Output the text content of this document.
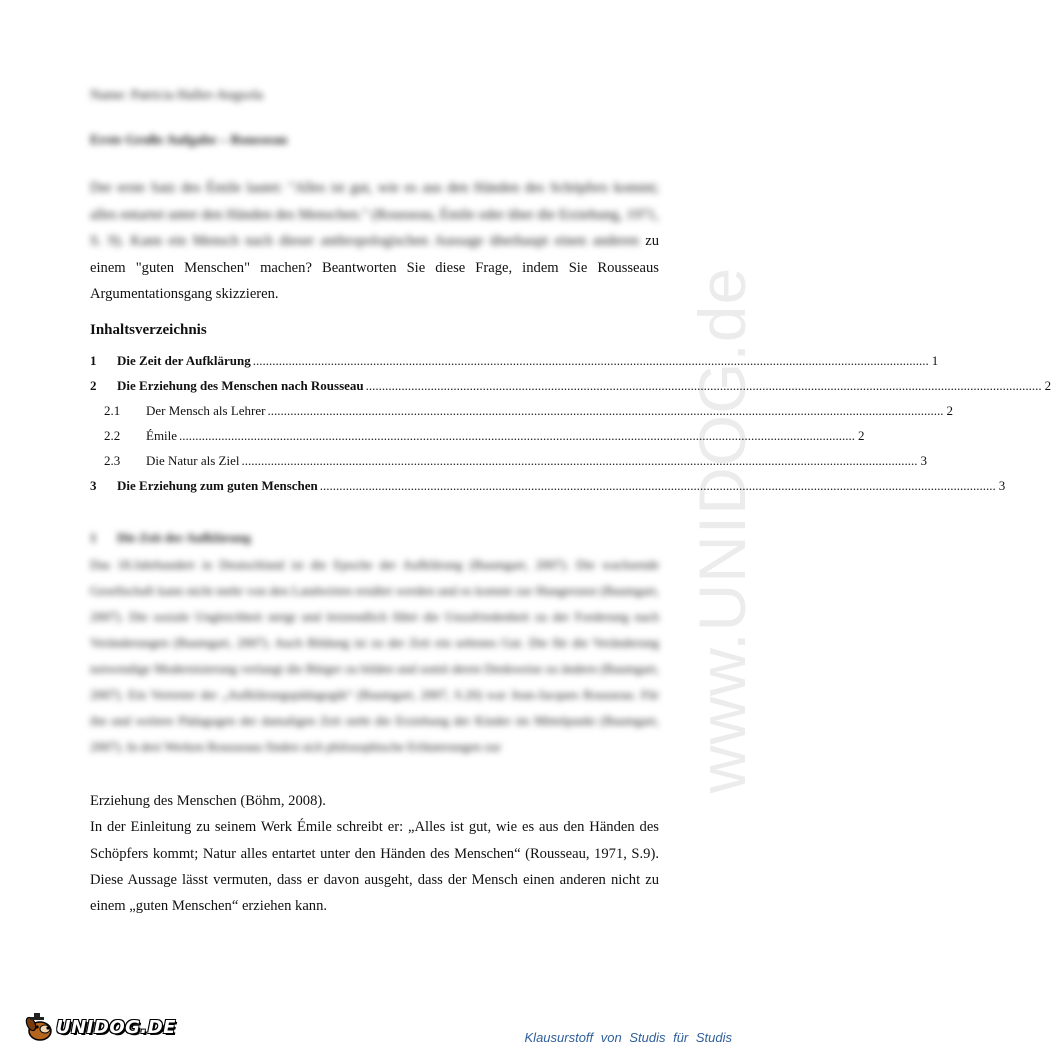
www.UNIDOG.de
Name: Patricia Haller-Angsola
Erste Große Aufgabe – Rousseau
Der erste Satz des Émile lautet: "Alles ist gut, wie es aus den Händen des Schöpfers kommt; alles entartet unter den Händen des Menschen." (Rousseau, Émile oder über die Erziehung, 1971, S. 9). Kann ein Mensch nach dieser anthropologischen Aussage überhaupt einen anderen zu einem "guten Menschen" machen? Beantworten Sie diese Frage, indem Sie Rousseaus Argumentationsgang skizzieren.
Inhaltsverzeichnis
1	Die Zeit der Aufklärung .....	1
2	Die Erziehung des Menschen nach Rousseau .....	2
2.1	Der Mensch als Lehrer .....	2
2.2	Émile .....	2
2.3	Die Natur als Ziel .....	3
3	Die Erziehung zum guten Menschen .....	3
1 Die Zeit der Aufklärung
Das 18.Jahrhundert in Deutschland ist die Epoche der Aufklärung (Baumgart, 2007). Die wachsende Gesellschaft kann nicht mehr von den Landwirten ernährt werden und es kommt zur Hungersnot (Baumgart, 2007). Die soziale Ungleichheit steigt und letztendlich führt die Unzufriedenheit zu der Forderung nach Veränderungen (Baumgart, 2007). Auch Bildung ist zu der Zeit ein seltenes Gut. Die für die Veränderung notwendige Modernisierung verlangt die Bürger zu bilden und somit deren Denkweise zu ändern (Baumgart, 2007). Ein Vertreter der „Aufklärungspädagogik“ (Baumgart, 2007, S.20) war Jean-Jacques Rousseau. Für ihn und weitere Pädagogen der damaligen Zeit steht die Erziehung der Kinder im Mittelpunkt (Baumgart, 2007). In drei Werken Rousseaus finden sich philosophische Erläuterungen zur

Erziehung des Menschen (Böhm, 2008).

In der Einleitung zu seinem Werk Émile schreibt er: „Alles ist gut, wie es aus den Händen des Schöpfers kommt; Natur alles entartet unter den Händen des Menschen“ (Rousseau, 1971, S.9). Diese Aussage lässt vermuten, dass er davon ausgeht, dass der Mensch einen anderen nicht zu einem „guten Menschen“ erziehen kann.

UNIDOG.DE	Klausurstoff von Studis für Studis
